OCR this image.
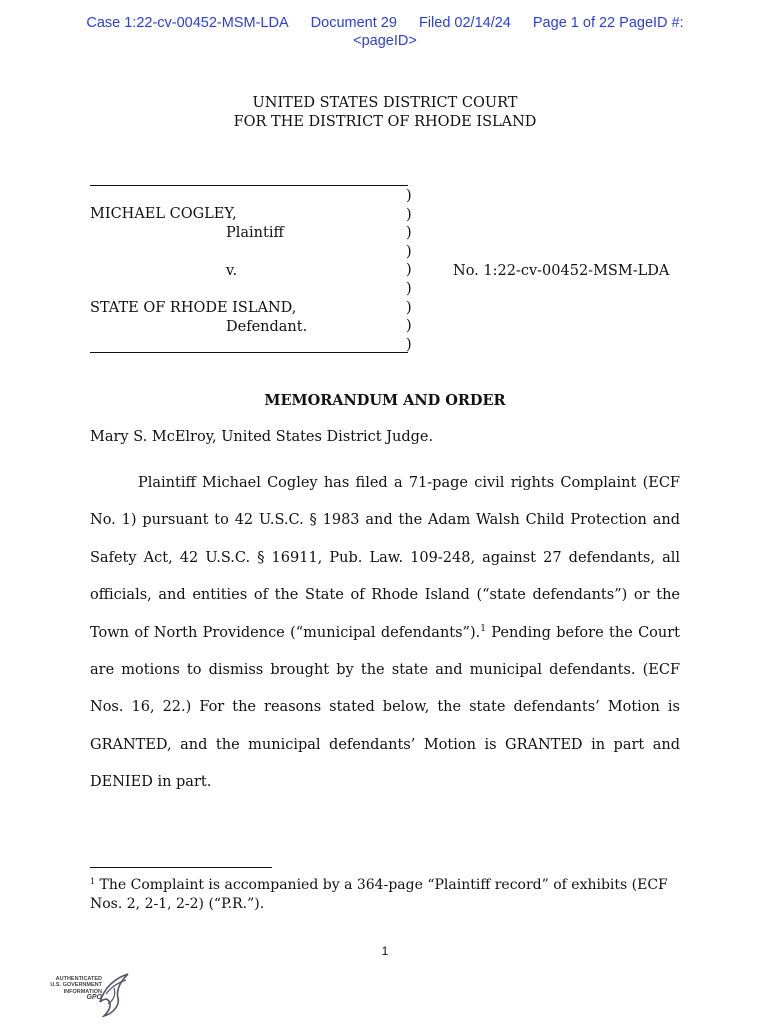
Case 1:22-cv-00452-MSM-LDA Document 29 Filed 02/14/24 Page 1 of 22 PageID #:
<pageID>
UNITED STATES DISTRICT COURT
FOR THE DISTRICT OF RHODE ISLAND
)
)
)
)
)
)
)
)
)
MICHAEL COGLEY,
Plaintiff
v.	No. 1:22-cv-00452-MSM-LDA
STATE OF RHODE ISLAND,
Defendant.
MEMORANDUM AND ORDER
Mary S. McElroy, United States District Judge.

Plaintiff Michael Cogley has filed a 71-page civil rights Complaint (ECF No. 1) pursuant to 42 U.S.C. § 1983 and the Adam Walsh Child Protection and Safety Act, 42 U.S.C. § 16911, Pub. Law. 109-248, against 27 defendants, all officials, and entities of the State of Rhode Island (“state defendants”) or the Town of North Providence (“municipal defendants”).$^1$ Pending before the Court are motions to dismiss brought by the state and municipal defendants. (ECF Nos. 16, 22.) For the reasons stated below, the state defendants’ Motion is GRANTED, and the municipal defendants’ Motion is GRANTED in part and DENIED in part.

$^1$ The Complaint is accompanied by a 364-page “Plaintiff record” of exhibits (ECF Nos. 2, 2-1, 2-2) (“P.R.”).

1
AUTHENTICATED
U.S. GOVERNMENT
INFORMATION
GPO
